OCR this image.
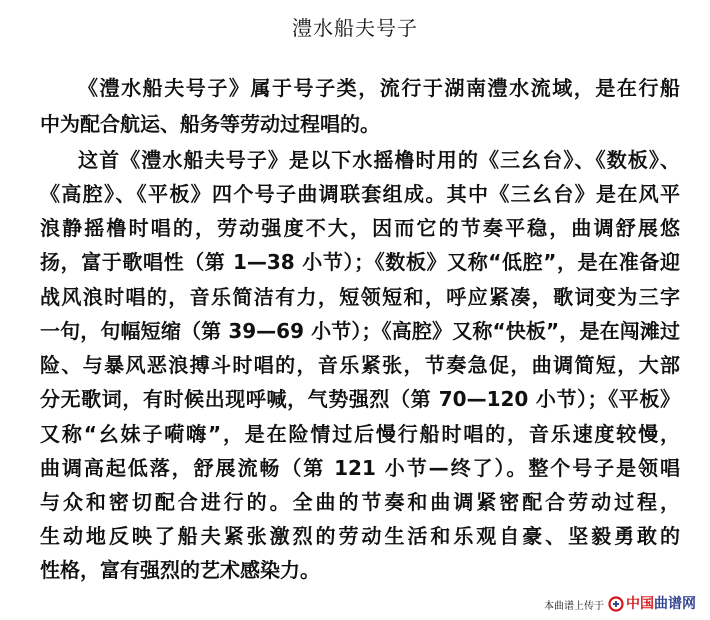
澧水船夫号子
《澧水船夫号子》属于号子类，流行于湖南澧水流域，是在行船
中为配合航运、船务等劳动过程唱的。
这首《澧水船夫号子》是以下水摇橹时用的《三幺台》、《数板》、
《高腔》、《平板》四个号子曲调联套组成。其中《三幺台》是在风平
浪静摇橹时唱的，劳动强度不大，因而它的节奏平稳，曲调舒展悠
扬，富于歌唱性（第 1—38 小节）；《数板》又称“低腔”，是在准备迎
战风浪时唱的，音乐简洁有力，短领短和，呼应紧凑，歌词变为三字
一句，句幅短缩（第 39—69 小节）；《高腔》又称“快板”，是在闯滩过
险、与暴风恶浪搏斗时唱的，音乐紧张，节奏急促，曲调简短，大部
分无歌词，有时候出现呼喊，气势强烈（第 70—120 小节）；《平板》
又称“幺妹子嗬嗨”，是在险情过后慢行船时唱的，音乐速度较慢，
曲调高起低落，舒展流畅（第 121 小节—终了）。整个号子是领唱
与众和密切配合进行的。全曲的节奏和曲调紧密配合劳动过程，
生动地反映了船夫紧张激烈的劳动生活和乐观自豪、坚毅勇敢的
性格，富有强烈的艺术感染力。
本曲谱上传于 中国曲谱网
